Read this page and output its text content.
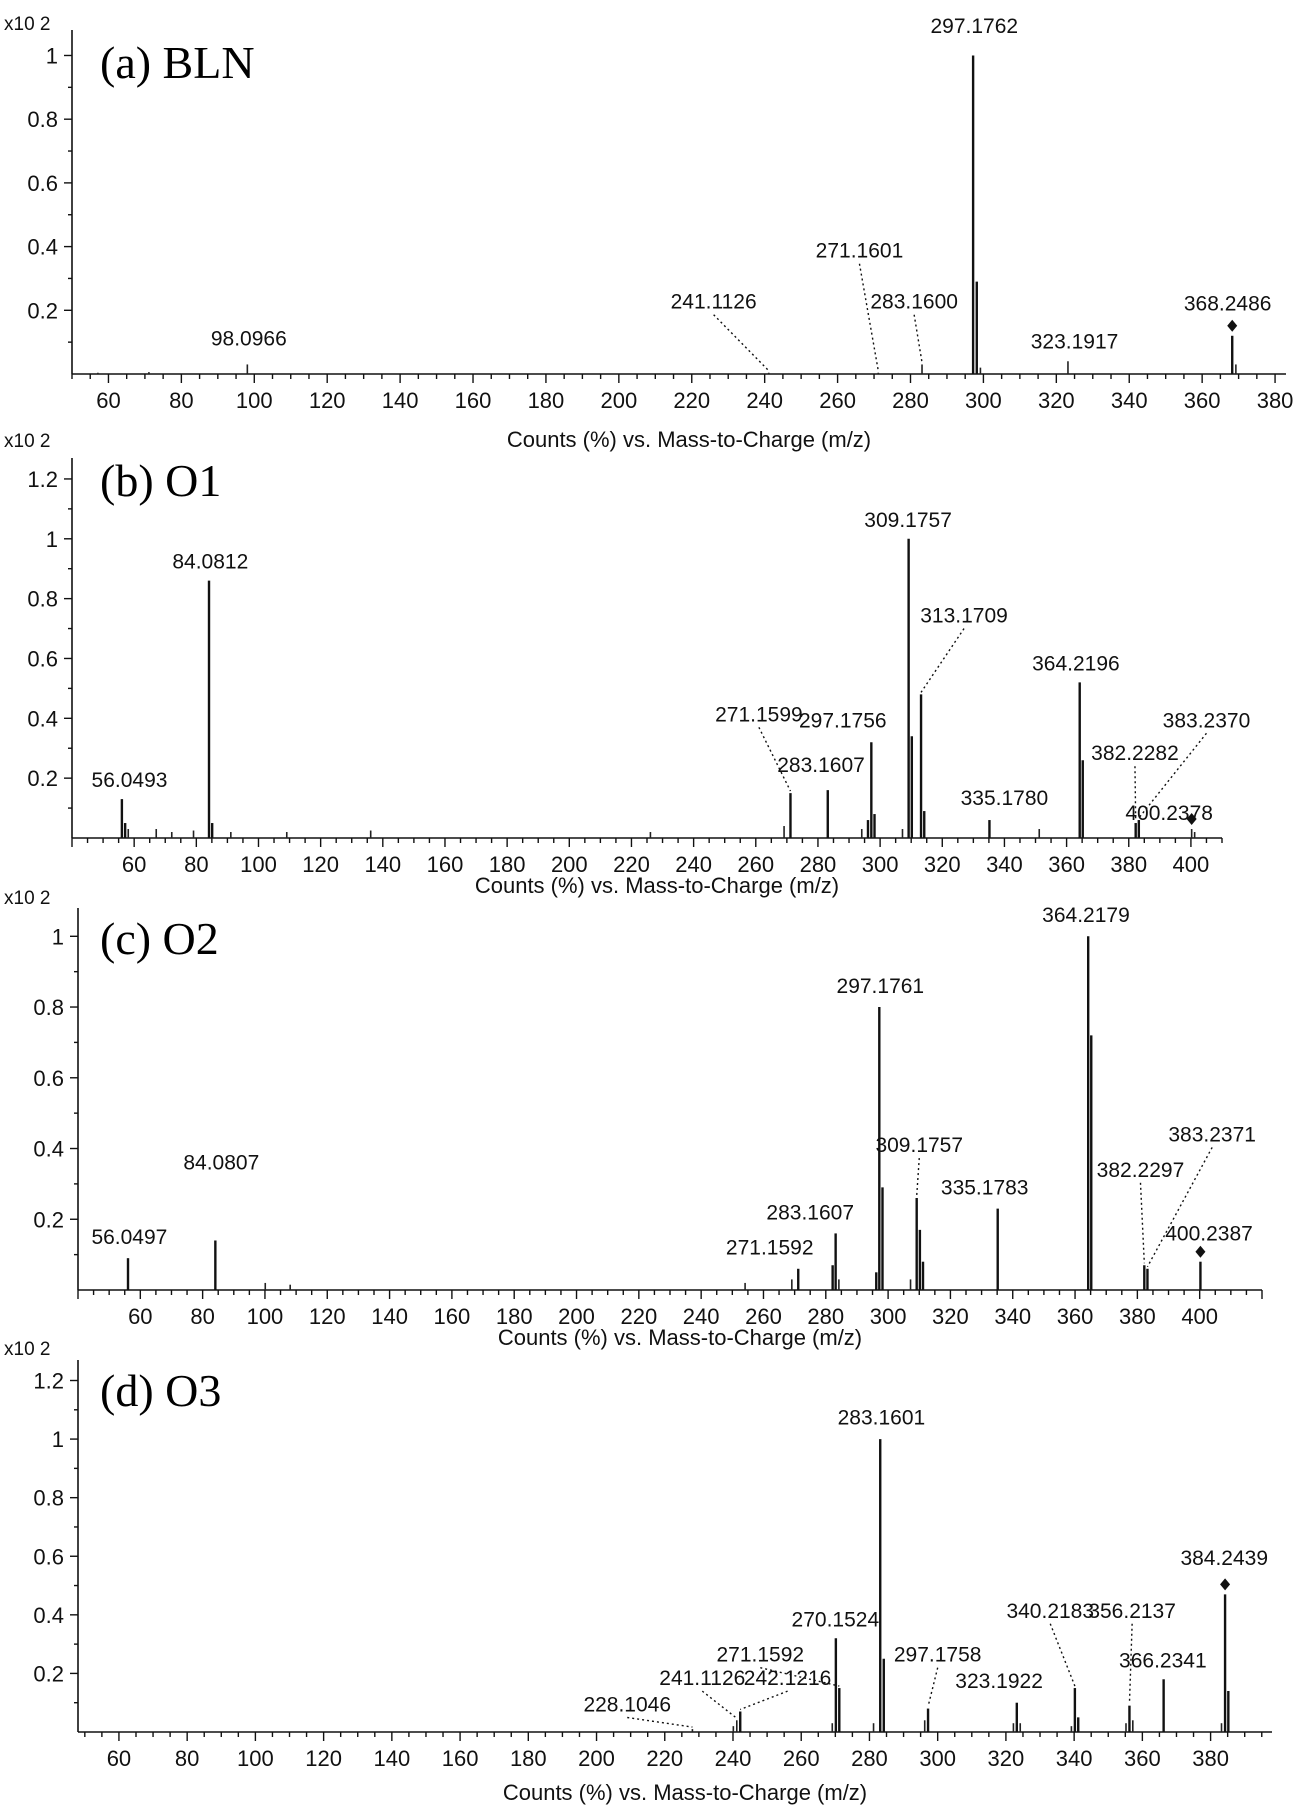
60 80 100 120 140 160 180 200 220 240 260 280 300 320 340 360 380
0.2
0.4
0.6
0.8
1
x10 2
(a) BLN
Counts (%) vs. Mass-to-Charge (m/z)
297.1762
98.0966
241.1126
271.1601
283.1600
323.1917
368.2486
60 80 100 120 140 160 180 200 220 240 260 280 300 320 340 360 380 400
0.2
0.4
0.6
0.8
1
1.2
x10 2
(b) O1
Counts (%) vs. Mass-to-Charge (m/z)
309.1757
84.0812
313.1709
364.2196
271.1599
297.1756
283.1607
382.2282
383.2370
56.0493
335.1780
400.2378
60 80 100 120 140 160 180 200 220 240 260 280 300 320 340 360 380 400
0.2
0.4
0.6
0.8
1
x10 2
(c) O2
Counts (%) vs. Mass-to-Charge (m/z)
364.2179
297.1761
309.1757	383.2371
382.2297
84.0807
335.1783
283.1607
56.0497	271.1592
400.2387
60 80 100 120 140 160 180 200 220 240 260 280 300 320 340 360 380
0.2
0.4
0.6
0.8
1
1.2
x10 2
(d) O3
Counts (%) vs. Mass-to-Charge (m/z)
283.1601
384.2439
270.1524	340.2183
356.2137
271.1592	297.1758
241.1126
242.1216	323.1922
366.2341
228.1046
